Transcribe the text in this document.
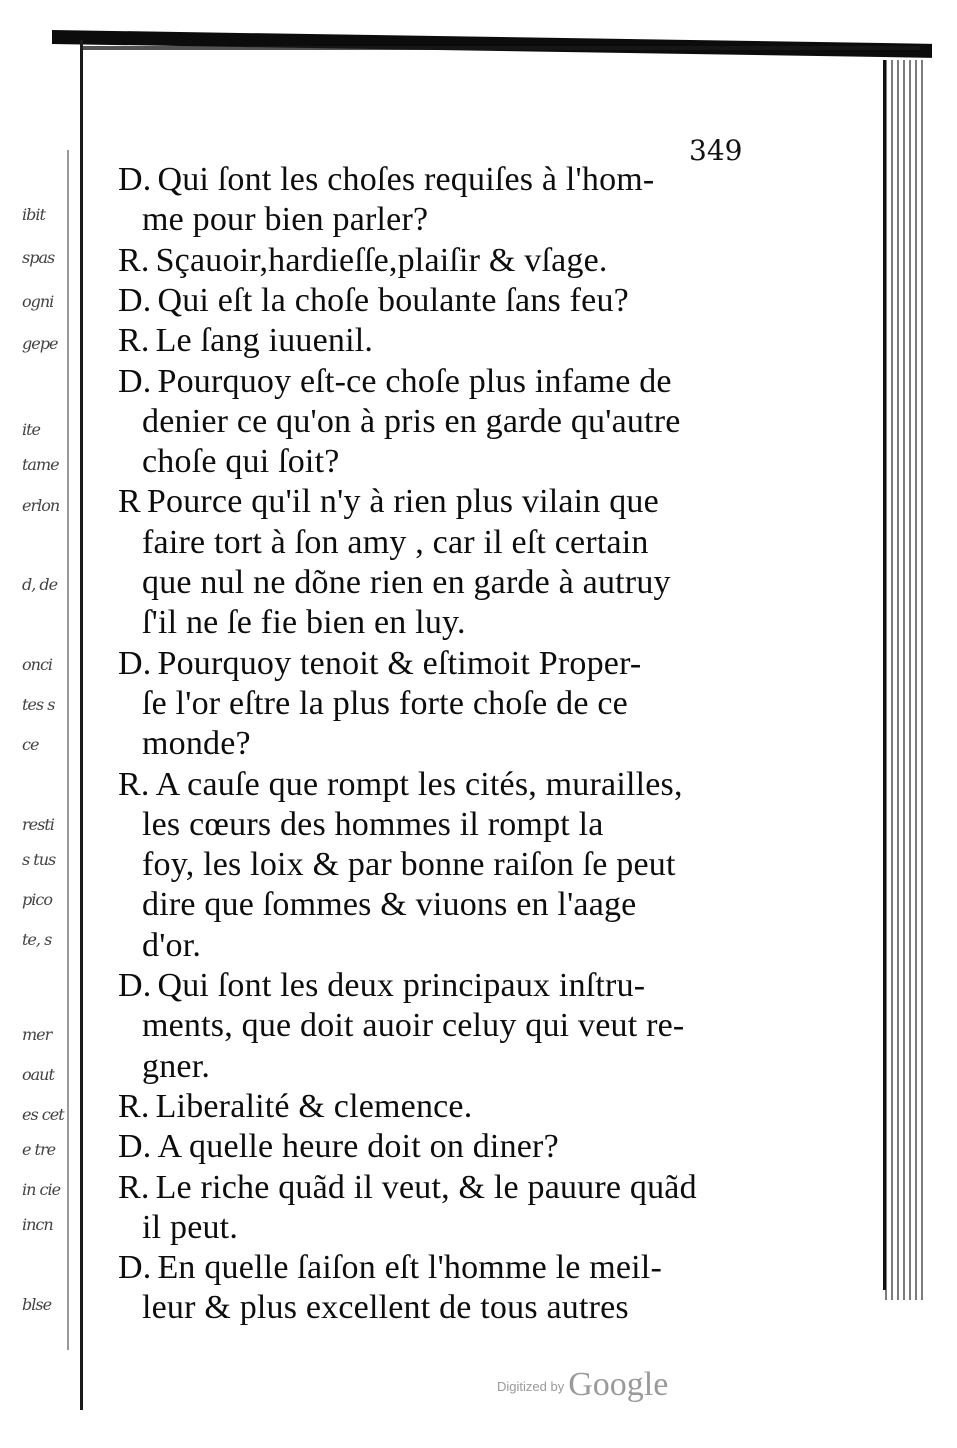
ibit
spas
ogni
gepe
ite
tame
erlon
d, de
onci
tes s
ce
resti
s tus
pico
te, s
mer
oaut
es cet
e tre
in cie
incn
blse
349
D. Qui ſont les choſes requiſes à l'hom-
me pour bien parler?
R. Sçauoir,hardieſſe,plaiſir & vſage.
D. Qui eſt la choſe boulante ſans feu?
R. Le ſang iuuenil.
D. Pourquoy eſt-ce choſe plus infame de
denier ce qu'on à pris en garde qu'autre
choſe qui ſoit?
R Pource qu'il n'y à rien plus vilain que
faire tort à ſon amy , car il eſt certain
que nul ne dõne rien en garde à autruy
ſ'il ne ſe fie bien en luy.
D. Pourquoy tenoit & eſtimoit Proper-
ſe l'or eſtre la plus forte choſe de ce
monde?
R. A cauſe que rompt les cités, murailles,
les cœurs des hommes il rompt la
foy, les loix & par bonne raiſon ſe peut
dire que ſommes & viuons en l'aage
d'or.
D. Qui ſont les deux principaux inſtru-
ments, que doit auoir celuy qui veut re-
gner.
R. Liberalité & clemence.
D. A quelle heure doit on diner?
R. Le riche quãd il veut, & le pauure quãd
il peut.
D. En quelle ſaiſon eſt l'homme le meil-
leur & plus excellent de tous autres
$^{Digitized by}$ Google
